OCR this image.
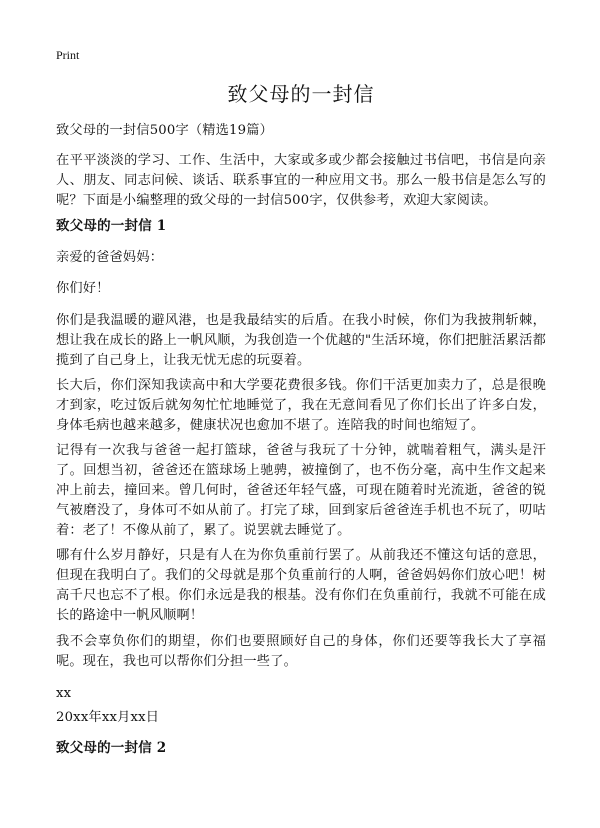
Print
致父母的一封信

致父母的一封信500字（精选19篇）

在平平淡淡的学习、工作、生活中，大家或多或少都会接触过书信吧，书信是向亲人、朋友、同志问候、谈话、联系事宜的一种应用文书。那么一般书信是怎么写的呢？下面是小编整理的致父母的一封信500字，仅供参考，欢迎大家阅读。

致父母的一封信 1

亲爱的爸爸妈妈：

你们好！

你们是我温暖的避风港，也是我最结实的后盾。在我小时候，你们为我披荆斩棘，想让我在成长的路上一帆风顺，为我创造一个优越的"生活环境，你们把脏活累活都揽到了自己身上，让我无忧无虑的玩耍着。

长大后，你们深知我读高中和大学要花费很多钱。你们干活更加卖力了，总是很晚才到家，吃过饭后就匆匆忙忙地睡觉了，我在无意间看见了你们长出了许多白发，身体毛病也越来越多，健康状况也愈加不堪了。连陪我的时间也缩短了。

记得有一次我与爸爸一起打篮球，爸爸与我玩了十分钟，就喘着粗气，满头是汗了。回想当初，爸爸还在篮球场上驰骋，被撞倒了，也不伤分毫，高中生作文起来冲上前去，撞回来。曾几何时，爸爸还年轻气盛，可现在随着时光流逝，爸爸的锐气被磨没了，身体可不如从前了。打完了球，回到家后爸爸连手机也不玩了，叨咕着：老了！不像从前了，累了。说罢就去睡觉了。

哪有什么岁月静好，只是有人在为你负重前行罢了。从前我还不懂这句话的意思，但现在我明白了。我们的父母就是那个负重前行的人啊，爸爸妈妈你们放心吧！树高千尺也忘不了根。你们永远是我的根基。没有你们在负重前行，我就不可能在成长的路途中一帆风顺啊！

我不会辜负你们的期望，你们也要照顾好自己的身体，你们还要等我长大了享福呢。现在，我也可以帮你们分担一些了。

xx

20xx年xx月xx日

致父母的一封信 2
